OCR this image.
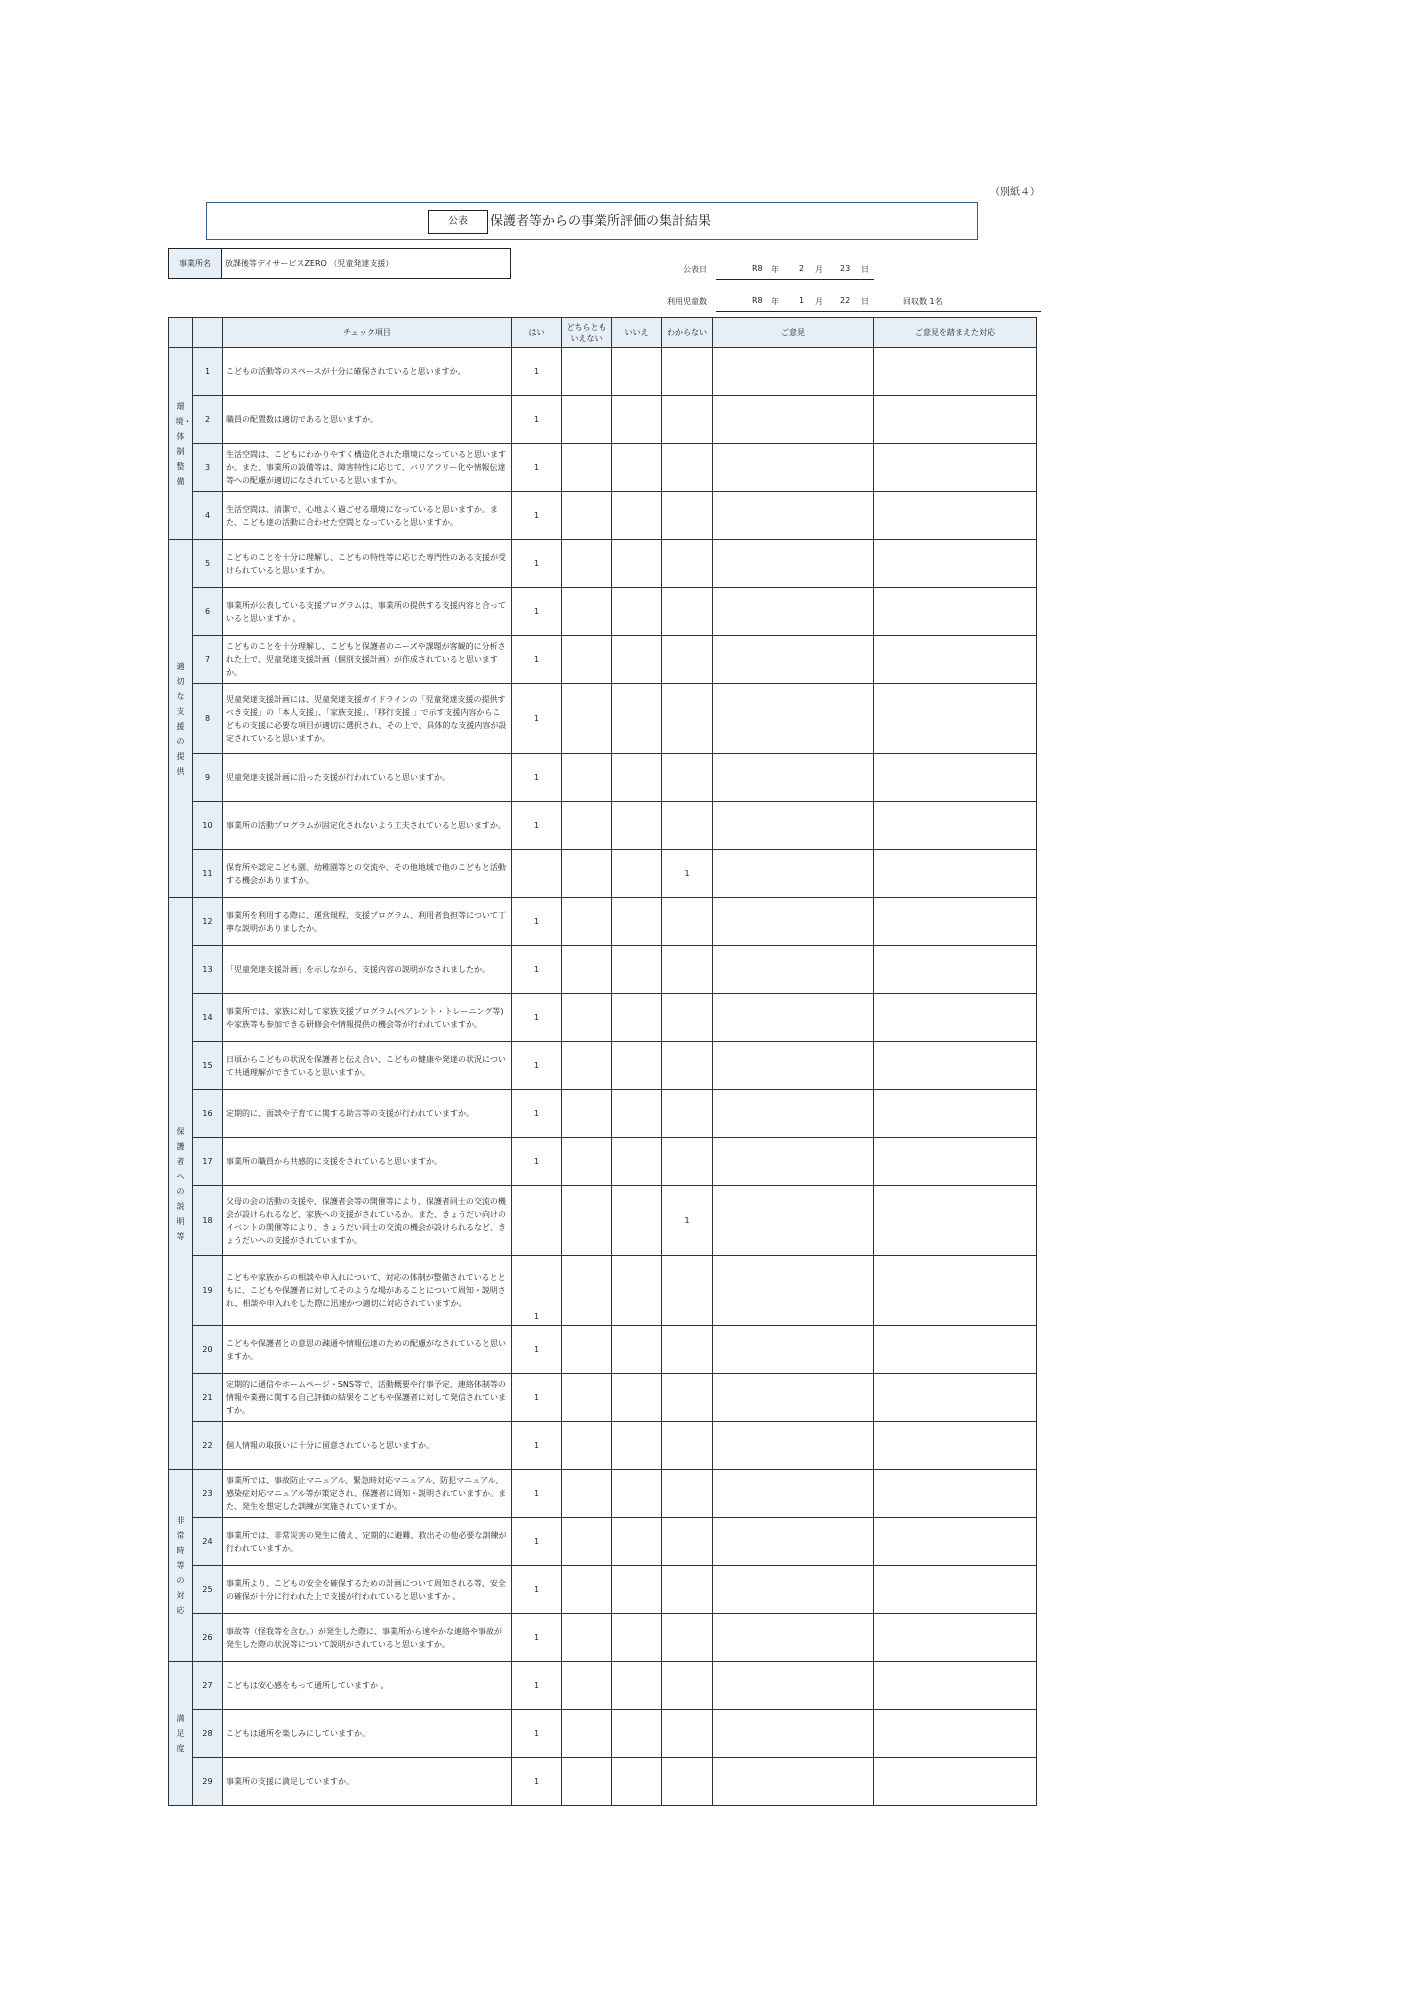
（別紙４）
公表	保護者等からの事業所評価の集計結果
事業所名	放課後等デイサービスZERO （児童発達支援）
公表日	R8 年	2 月 23 日
利用児童数	R8 年	1 月 22 日	回収数 1名
		チェック項目	はい	どちらとも
いえない	いいえ	わからない	ご意見	ご意見を踏まえた対応
環境・体制整備	1	こどもの活動等のスペースが十分に確保されていると思いますか。	1					
	2	職員の配置数は適切であると思いますか。	1					
	3	生活空間は、こどもにわかりやすく構造化された環境になっていると思いますか。また、事業所の設備等は、障害特性に応じて、バリアフリー化や情報伝達等への配慮が適切になされていると思いますか。	1					
	4	生活空間は、清潔で、心地よく過ごせる環境になっていると思いますか。また、こども達の活動に合わせた空間となっていると思いますか。	1					
適切な支援の提供	5	こどものことを十分に理解し、こどもの特性等に応じた専門性のある支援が受けられていると思いますか。	1					
	6	事業所が公表している支援プログラムは、事業所の提供する支援内容と合っていると思いますか 。	1					
	7	こどものことを十分理解し、こどもと保護者のニーズや課題が客観的に分析された上で、児童発達支援計画（個別支援計画）が作成されていると思いますか。	1					
	8	児童発達支援計画には、児童発達支援ガイドラインの「児童発達支援の提供すべき支援」の「本人支援」、「家族支援」、「移行支援 」で示す支援内容からこどもの支援に必要な項目が適切に選択され、その上で、具体的な支援内容が設定されていると思いますか。	1					
	9	児童発達支援計画に沿った支援が行われていると思いますか。	1					
	10	事業所の活動プログラムが固定化されないよう工夫されていると思いますか。	1					
	11	保育所や認定こども園、幼稚園等との交流や、その他地域で他のこどもと活動する機会がありますか。				1		
保護者への説明等	12	事業所を利用する際に、運営規程、支援プログラム、利用者負担等について丁寧な説明がありましたか。	1					
	13	「児童発達支援計画」を示しながら、支援内容の説明がなされましたか。	1					
	14	事業所では、家族に対して家族支援プログラム(ペアレント・トレーニング等)や家族等も参加できる研修会や情報提供の機会等が行われていますか。	1					
	15	日頃からこどもの状況を保護者と伝え合い、こどもの健康や発達の状況について共通理解ができていると思いますか。	1					
	16	定期的に、面談や子育てに関する助言等の支援が行われていますか。	1					
	17	事業所の職員から共感的に支援をされていると思いますか。	1					
	18	父母の会の活動の支援や、保護者会等の開催等により、保護者同士の交流の機会が設けられるなど、家族への支援がされているか。また、きょうだい向けのイベントの開催等により、きょうだい同士の交流の機会が設けられるなど、きょうだいへの支援がされていますか。				1		
	19	こどもや家族からの相談や申入れについて、対応の体制が整備されているとともに、こどもや保護者に対してそのような場があることについて周知・説明され、相談や申入れをした際に迅速かつ適切に対応されていますか。	1					
	20	こどもや保護者との意思の疎通や情報伝達のための配慮がなされていると思いますか。	1					
	21	定期的に通信やホームページ・SNS等で、活動概要や行事予定、連絡体制等の情報や業務に関する自己評価の結果をこどもや保護者に対して発信されていますか。	1					
	22	個人情報の取扱いに十分に留意されていると思いますか。	1					
非常時等の対応	23	事業所では、事故防止マニュアル、緊急時対応マニュアル、防犯マニュアル、感染症対応マニュアル等が策定され、保護者に周知・説明されていますか。また、発生を想定した訓練が実施されていますか。	1					
	24	事業所では、非常災害の発生に備え、定期的に避難、救出その他必要な訓練が行われていますか。	1					
	25	事業所より、こどもの安全を確保するための計画について周知される等、安全の確保が十分に行われた上で支援が行われていると思いますか 。	1					
	26	事故等（怪我等を含む。）が発生した際に、事業所から速やかな連絡や事故が発生した際の状況等について説明がされていると思いますか。	1					
満足度	27	こどもは安心感をもって通所していますか 。	1					
	28	こどもは通所を楽しみにしていますか。	1					
	29	事業所の支援に満足していますか。	1					
